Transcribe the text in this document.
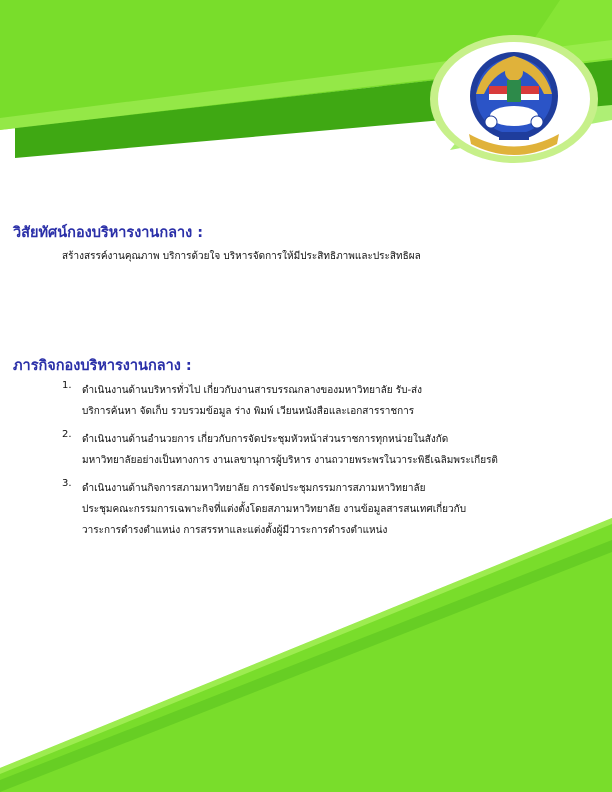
วิสัยทัศน์กองบริหารงานกลาง :

สร้างสรรค์งานคุณภาพ บริการด้วยใจ บริหารจัดการให้มีประสิทธิภาพและประสิทธิผล

ภารกิจกองบริหารงานกลาง :
1.	ดำเนินงานด้านบริหารทั่วไป เกี่ยวกับงานสารบรรณกลางของมหาวิทยาลัย รับ-ส่ง
บริการค้นหา จัดเก็บ รวบรวมข้อมูล ร่าง พิมพ์ เวียนหนังสือและเอกสารราชการ
2.	ดำเนินงานด้านอำนวยการ เกี่ยวกับการจัดประชุมหัวหน้าส่วนราชการทุกหน่วยในสังกัด
มหาวิทยาลัยอย่างเป็นทางการ งานเลขานุการผู้บริหาร งานถวายพระพรในวาระพิธีเฉลิมพระเกียรติ
3.	ดำเนินงานด้านกิจการสภามหาวิทยาลัย การจัดประชุมกรรมการสภามหาวิทยาลัย
ประชุมคณะกรรมการเฉพาะกิจที่แต่งตั้งโดยสภามหาวิทยาลัย งานข้อมูลสารสนเทศเกี่ยวกับ
วาระการดำรงตำแหน่ง การสรรหาและแต่งตั้งผู้มีวาระการดำรงตำแหน่ง
